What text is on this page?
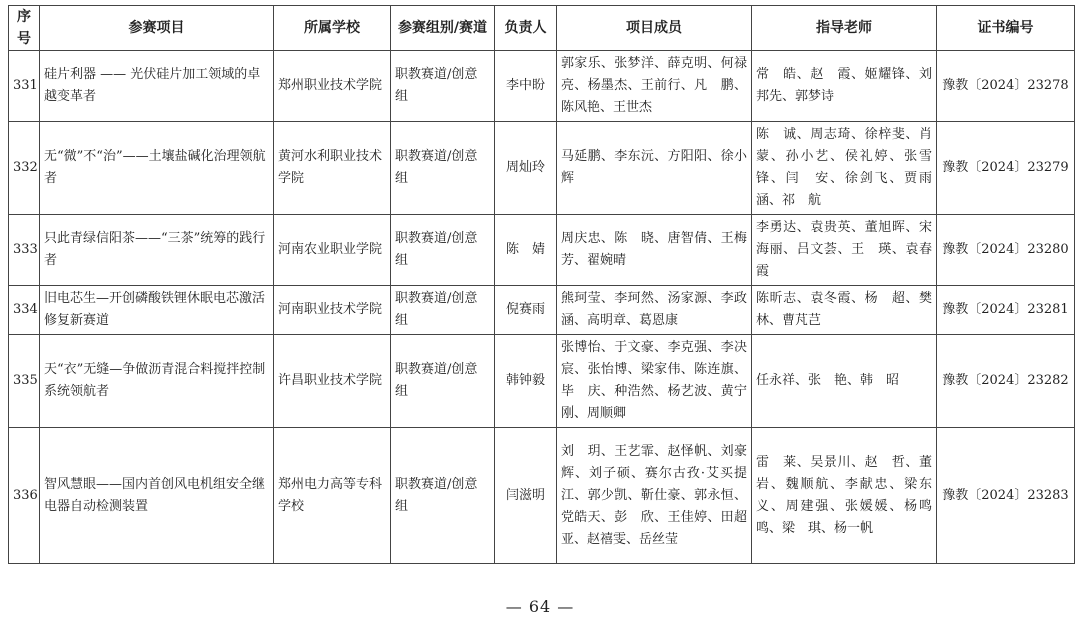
序号	参赛项目	所属学校	参赛组别/赛道	负责人	项目成员	指导老师	证书编号
331	硅片利器 —— 光伏硅片加工领域的卓越变革者	郑州职业技术学院	职教赛道/创意组	李中盼	郭家乐、张梦洋、薛克明、何禄亮、杨墨杰、王前行、凡　鹏、陈风艳、王世杰	常　皓、赵　霞、姬耀锋、刘邦先、郭梦诗	豫教〔2024〕23278
332	无“微”不“治”——土壤盐碱化治理领航者	黄河水利职业技术学院	职教赛道/创意组	周灿玲	马延鹏、李东沅、方阳阳、徐小辉	陈　诚、周志琦、徐梓斐、肖　蒙、孙小艺、侯礼婷、张雪锋、闫　安、徐剑飞、贾雨涵、祁　航	豫教〔2024〕23279
333	只此青绿信阳茶——“三茶”统筹的践行者	河南农业职业学院	职教赛道/创意组	陈　婧	周庆忠、陈　晓、唐智倩、王梅芳、翟婉晴	李勇达、袁贵英、董旭晖、宋海丽、吕文荟、王　瑛、袁春霞	豫教〔2024〕23280
334	旧电芯生—开创磷酸铁锂休眠电芯激活修复新赛道	河南职业技术学院	职教赛道/创意组	倪赛雨	熊珂莹、李珂然、汤家源、李政涵、高明章、葛恩康	陈昕志、袁冬霞、杨　超、樊　林、曹芃芑	豫教〔2024〕23281
335	天“衣”无缝—争做沥青混合料搅拌控制系统领航者	许昌职业技术学院	职教赛道/创意组	韩钟毅	张博怡、于文豪、李克强、李决宸、张怡博、梁家伟、陈连旗、毕　庆、种浩然、杨艺波、黄宁刚、周顺卿	任永祥、张　艳、韩　昭	豫教〔2024〕23282
336	智风慧眼——国内首创风电机组安全继电器自动检测装置	郑州电力高等专科学校	职教赛道/创意组	闫滋明	刘　玥、王艺霏、赵怿帆、刘豪辉、刘子硕、赛尔古孜·艾买提江、郭少凯、靳仕豪、郭永恒、党皓天、彭　欣、王佳婷、田超亚、赵禧雯、岳丝莹	雷　莱、吴景川、赵　哲、董　岩、魏顺航、李献忠、梁东义、周建强、张媛媛、杨鸣鸣、梁　琪、杨一帆	豫教〔2024〕23283
— 64 —
